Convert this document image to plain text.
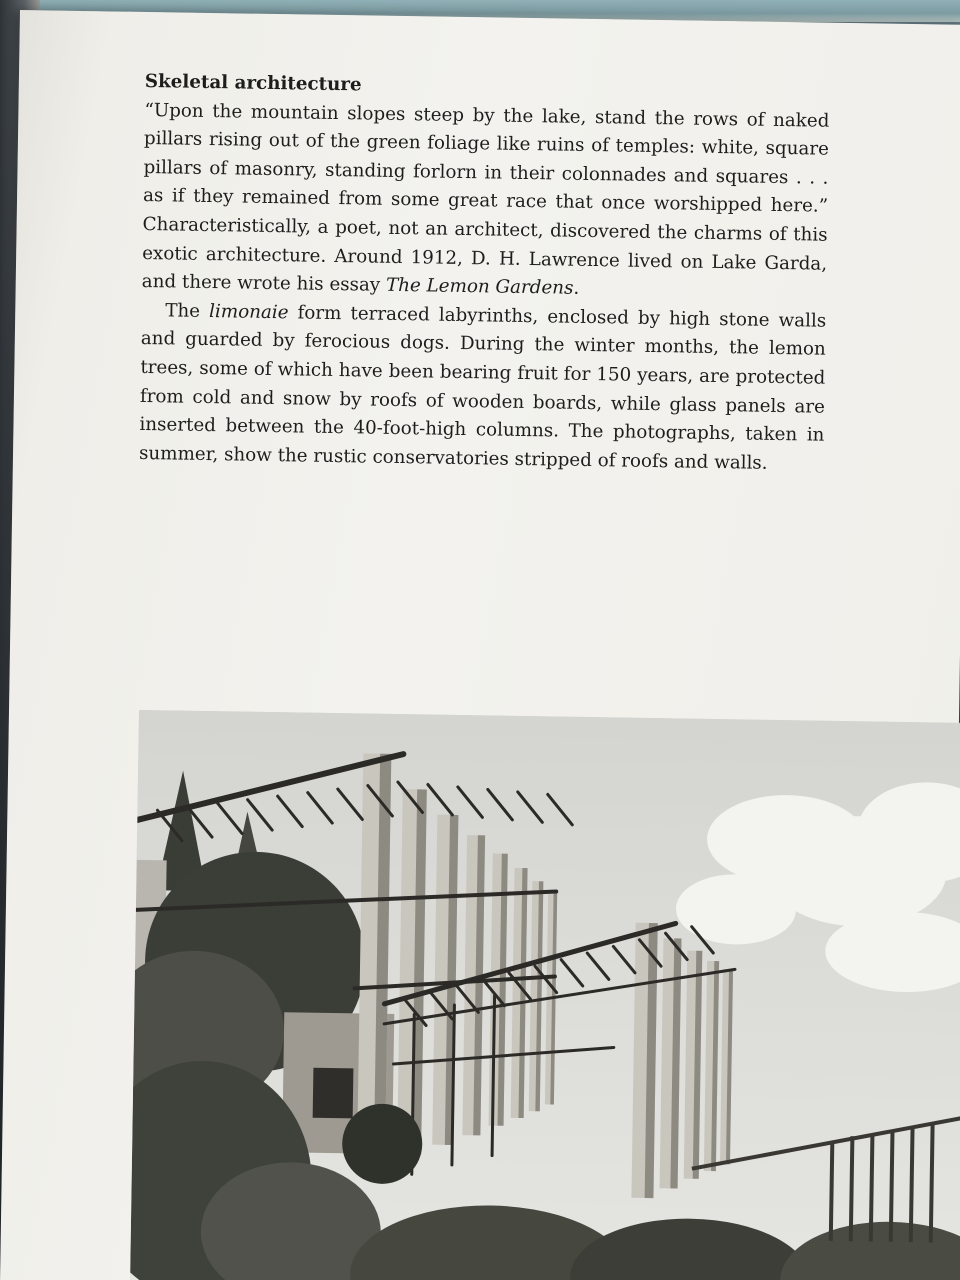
Skeletal architecture

“Upon the mountain slopes steep by the lake, stand the rows of naked pillars rising out of the green foliage like ruins of temples: white, square pillars of masonry, standing forlorn in their colonnades and squares . . . as if they remained from some great race that once worshipped here.” Characteristically, a poet, not an architect, discovered the charms of this exotic architecture. Around 1912, D. H. Lawrence lived on Lake Garda, and there wrote his essay The Lemon Gardens.

The limonaie form terraced labyrinths, enclosed by high stone walls and guarded by ferocious dogs. During the winter months, the lemon trees, some of which have been bearing fruit for 150 years, are protected from cold and snow by roofs of wooden boards, while glass panels are inserted between the 40-foot-high columns. The photographs, taken in summer, show the rustic conservatories stripped of roofs and walls.
